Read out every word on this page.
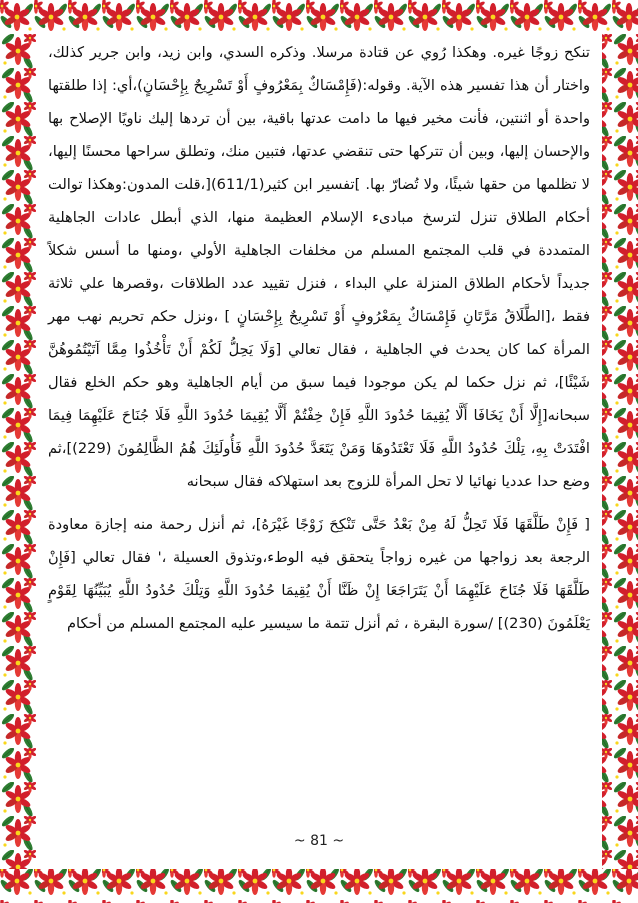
تنكح زوجًا غيره. وهكذا رُوي عن قتادة مرسلا. وذكره السدي، وابن زيد، وابن جرير كذلك، واختار أن هذا تفسير هذه الآية. وقوله:(فَإِمْسَاكٌ بِمَعْرُوفٍ أَوْ تَسْرِيحٌ بِإِحْسَانٍ)،أي: إذا طلقتها واحدة أو اثنتين، فأنت مخير فيها ما دامت عدتها باقية، بين أن تردها إليك ناويًا الإصلاح بها والإحسان إليها، وبين أن تتركها حتى تنقضي عدتها، فتبين منك، وتطلق سراحها محسنًا إليها، لا تظلمها من حقها شيئًا، ولا تُضارّ بها. ]تفسير ابن كثير(611/1)[،قلت المدون:وهكذا توالت أحكام الطلاق تنزل لترسخ مبادىء الإسلام العظيمة منها، الذي أبطل عادات الجاهلية المتمددة في قلب المجتمع المسلم من مخلفات الجاهلية الأولي ،ومنها ما أسس شكلاً جديداً لأحكام الطلاق المنزلة علي البداء ، فنزل تقييد عدد الطلاقات ،وقصرها علي ثلاثة فقط ،[الطَّلَاقُ مَرَّتَانِ فَإِمْسَاكٌ بِمَعْرُوفٍ أَوْ تَسْرِيحٌ بِإِحْسَانٍ ] ،ونزل حكم تحريم نهب مهر المرأة كما كان يحدث في الجاهلية ، فقال تعالي [وَلَا يَحِلُّ لَكُمْ أَنْ تَأْخُذُوا مِمَّا آتَيْتُمُوهُنَّ شَيْئًا]، ثم نزل حكما لم يكن موجودا فيما سبق من أيام الجاهلية وهو حكم الخلع فقال سبحانه[إِلَّا أَنْ يَخَافَا أَلَّا يُقِيمَا حُدُودَ اللَّهِ فَإِنْ خِفْتُمْ أَلَّا يُقِيمَا حُدُودَ اللَّهِ فَلَا جُنَاحَ عَلَيْهِمَا فِيمَا افْتَدَتْ بِهِ، تِلْكَ حُدُودُ اللَّهِ فَلَا تَعْتَدُوهَا وَمَنْ يَتَعَدَّ حُدُودَ اللَّهِ فَأُولَئِكَ هُمُ الظَّالِمُونَ (229)]،ثم وضع حدا عدديا نهائيا لا تحل المرأة للزوج بعد استهلاكه فقال سبحانه

[ فَإِنْ طَلَّقَهَا فَلَا تَحِلُّ لَهُ مِنْ بَعْدُ حَتَّى تَنْكِحَ زَوْجًا غَيْرَهُ]، ثم أنزل رحمة منه إجازة معاودة الرجعة بعد زواجها من غيره زواجاً يتحقق فيه الوطء،وتذوق العسيلة ،' فقال تعالي [فَإِنْ طَلَّقَهَا فَلَا جُنَاحَ عَلَيْهِمَا أَنْ يَتَرَاجَعَا إِنْ ظَنَّا أَنْ يُقِيمَا حُدُودَ اللَّهِ وَتِلْكَ حُدُودُ اللَّهِ يُبَيِّنُهَا لِقَوْمٍ يَعْلَمُونَ (230)] /سورة البقرة ، ثم أنزل تتمة ما سيسير عليه المجتمع المسلم من أحكام

~ 81 ~
